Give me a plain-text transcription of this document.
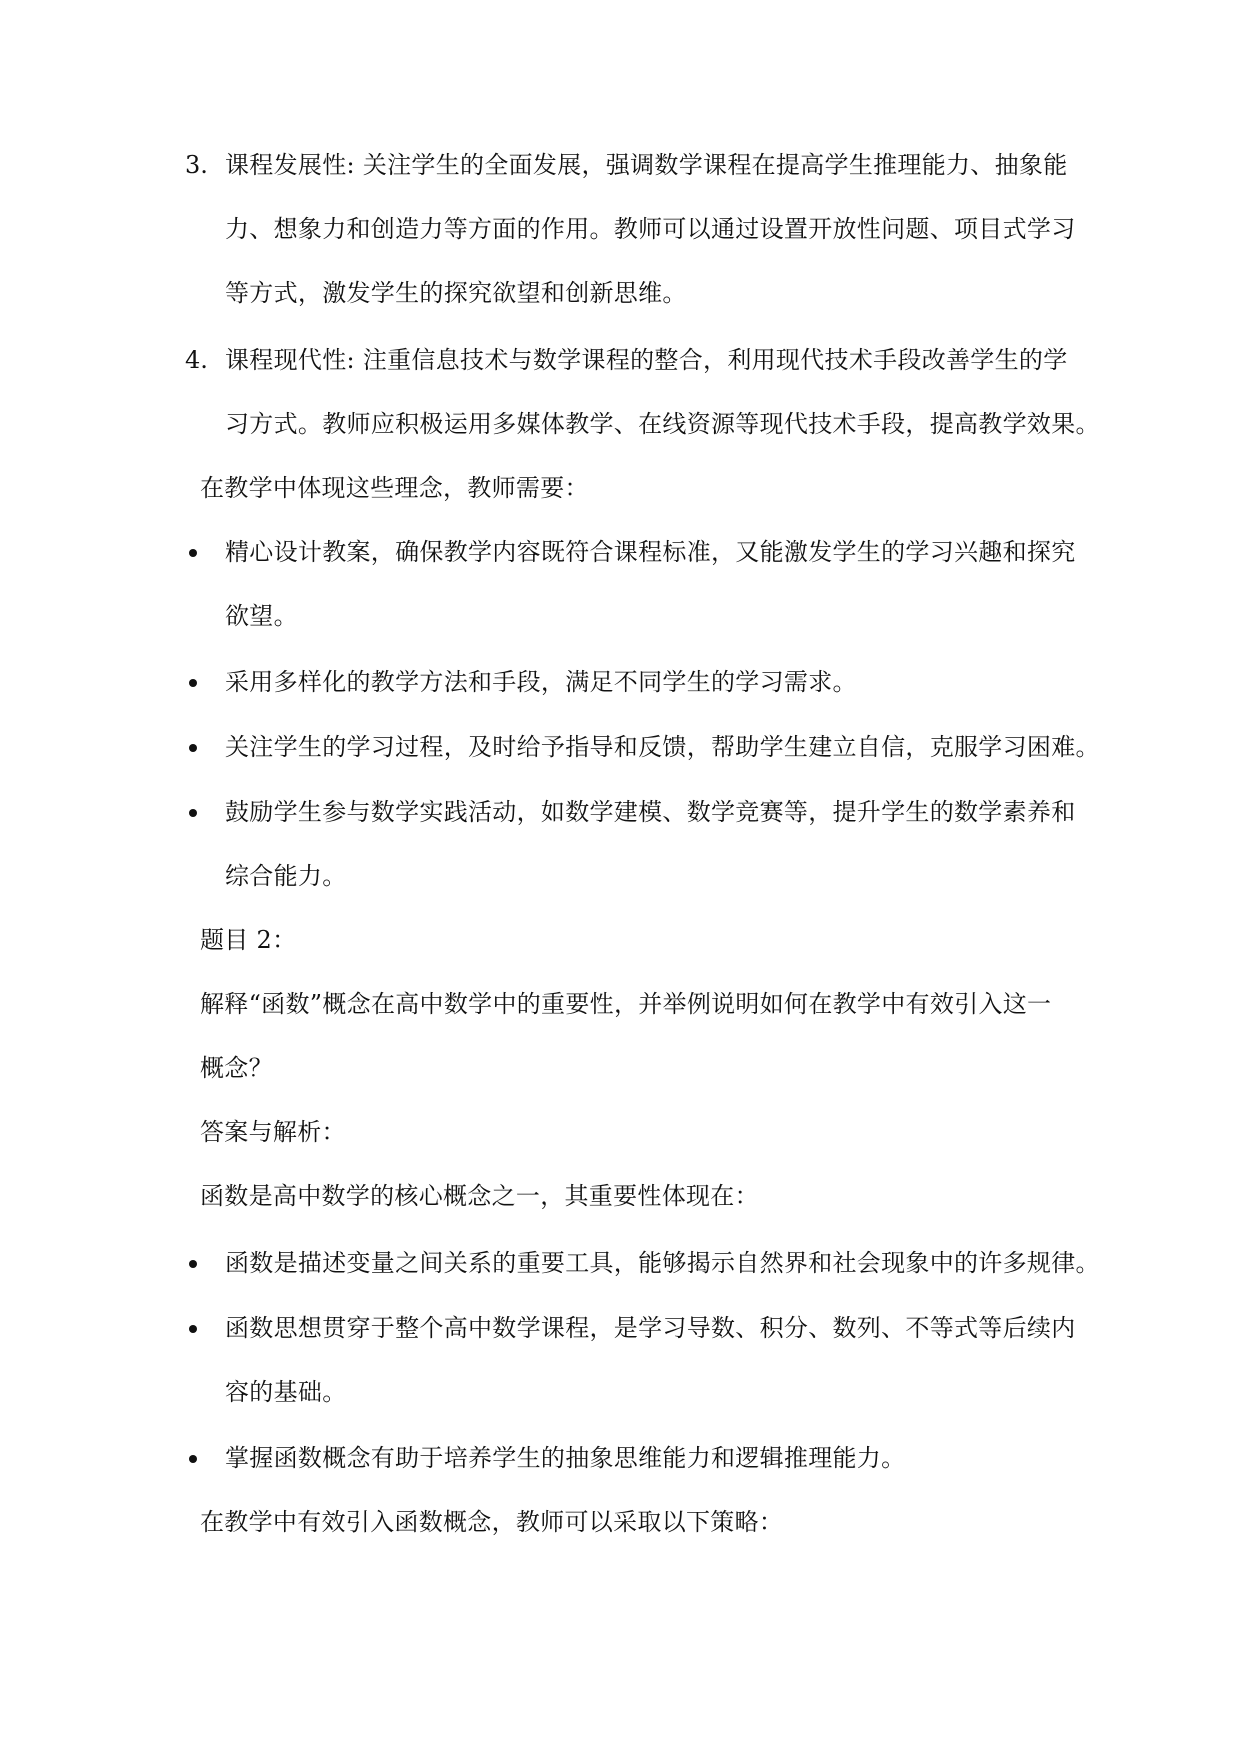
3. 课程发展性: 关注学生的全面发展，强调数学课程在提高学生推理能力、抽象能
力、想象力和创造力等方面的作用。教师可以通过设置开放性问题、项目式学习
等方式，激发学生的探究欲望和创新思维。
4. 课程现代性: 注重信息技术与数学课程的整合，利用现代技术手段改善学生的学
习方式。教师应积极运用多媒体教学、在线资源等现代技术手段，提高教学效果。
在教学中体现这些理念，教师需要：
精心设计教案，确保教学内容既符合课程标准，又能激发学生的学习兴趣和探究
欲望。
采用多样化的教学方法和手段，满足不同学生的学习需求。
关注学生的学习过程，及时给予指导和反馈，帮助学生建立自信，克服学习困难。
鼓励学生参与数学实践活动，如数学建模、数学竞赛等，提升学生的数学素养和
综合能力。
题目 2：
解释“函数”概念在高中数学中的重要性，并举例说明如何在教学中有效引入这一
概念？
答案与解析：
函数是高中数学的核心概念之一，其重要性体现在：
函数是描述变量之间关系的重要工具，能够揭示自然界和社会现象中的许多规律。
函数思想贯穿于整个高中数学课程，是学习导数、积分、数列、不等式等后续内
容的基础。
掌握函数概念有助于培养学生的抽象思维能力和逻辑推理能力。
在教学中有效引入函数概念，教师可以采取以下策略：
